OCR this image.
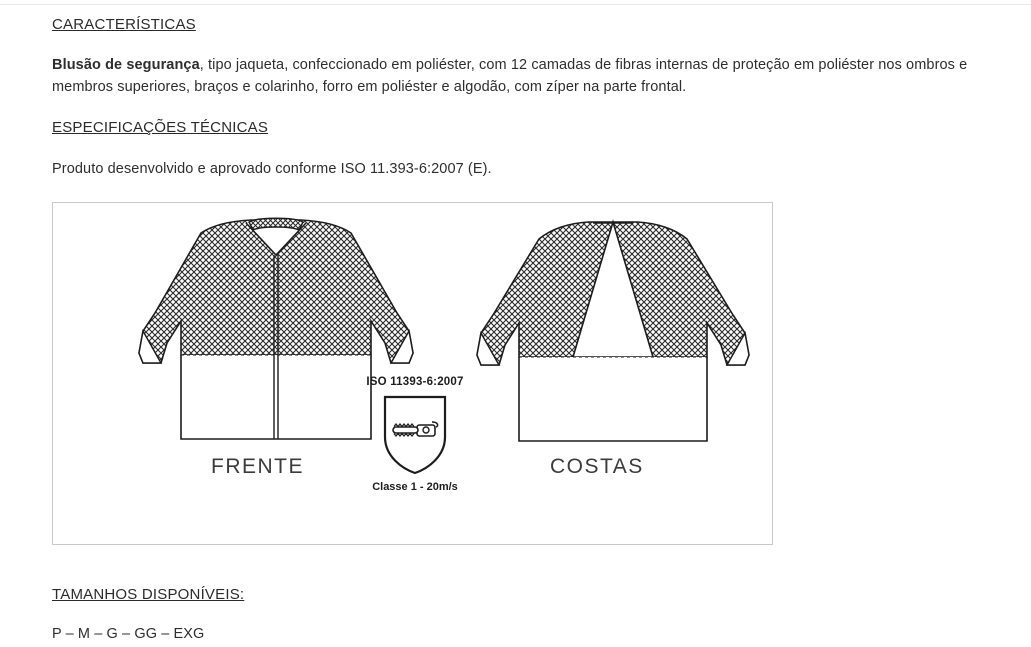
CARACTERÍSTICAS

Blusão de segurança, tipo jaqueta, confeccionado em poliéster, com 12 camadas de fibras internas de proteção em poliéster nos ombros e membros superiores, braços e colarinho, forro em poliéster e algodão, com zíper na parte frontal.

ESPECIFICAÇÕES TÉCNICAS

Produto desenvolvido e aprovado conforme ISO 11.393-6:2007 (E).

FRENTE	COSTAS
ISO 11393-6:2007
Classe 1 - 20m/s
TAMANHOS DISPONÍVEIS:

P – M – G – GG – EXG
